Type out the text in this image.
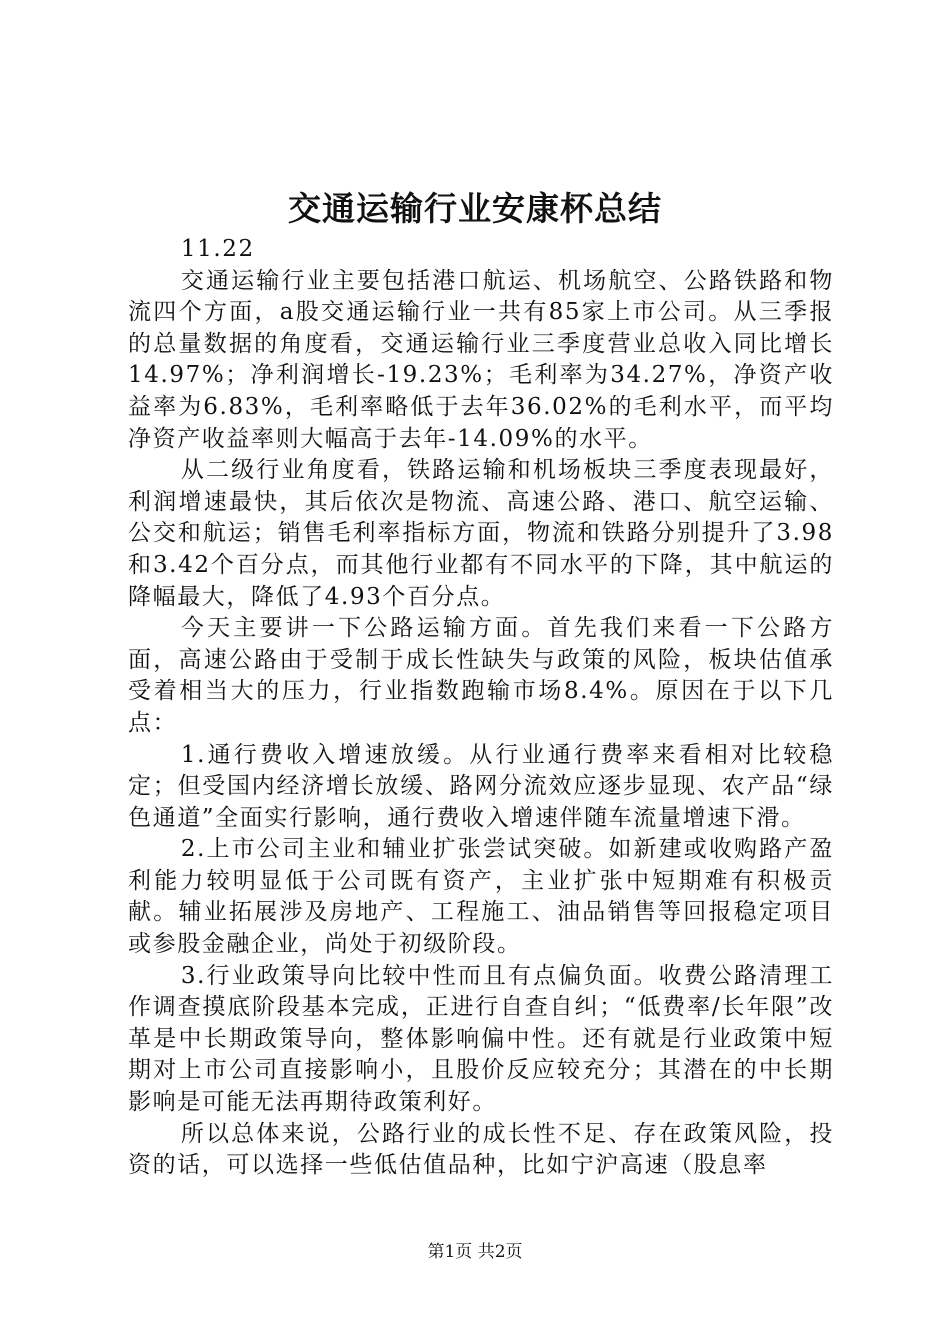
交通运输行业安康杯总结

11.22

交通运输行业主要包括港口航运、机场航空、公路铁路和物流四个方面，a股交通运输行业一共有85家上市公司。从三季报的总量数据的角度看，交通运输行业三季度营业总收入同比增长14.97%；净利润增长-19.23%；毛利率为34.27%，净资产收益率为6.83%，毛利率略低于去年36.02%的毛利水平，而平均净资产收益率则大幅高于去年-14.09%的水平。

从二级行业角度看，铁路运输和机场板块三季度表现最好，利润增速最快，其后依次是物流、高速公路、港口、航空运输、公交和航运；销售毛利率指标方面，物流和铁路分别提升了3.98和3.42个百分点，而其他行业都有不同水平的下降，其中航运的降幅最大，降低了4.93个百分点。

今天主要讲一下公路运输方面。首先我们来看一下公路方面，高速公路由于受制于成长性缺失与政策的风险，板块估值承受着相当大的压力，行业指数跑输市场8.4%。原因在于以下几点：

1.通行费收入增速放缓。从行业通行费率来看相对比较稳定；但受国内经济增长放缓、路网分流效应逐步显现、农产品“绿色通道”全面实行影响，通行费收入增速伴随车流量增速下滑。

2.上市公司主业和辅业扩张尝试突破。如新建或收购路产盈利能力较明显低于公司既有资产，主业扩张中短期难有积极贡献。辅业拓展涉及房地产、工程施工、油品销售等回报稳定项目或参股金融企业，尚处于初级阶段。

3.行业政策导向比较中性而且有点偏负面。收费公路清理工作调查摸底阶段基本完成，正进行自查自纠；“低费率/长年限”改革是中长期政策导向，整体影响偏中性。还有就是行业政策中短期对上市公司直接影响小，且股价反应较充分；其潜在的中长期影响是可能无法再期待政策利好。

所以总体来说，公路行业的成长性不足、存在政策风险，投资的话，可以选择一些低估值品种，比如宁沪高速（股息率

第1页 共2页
